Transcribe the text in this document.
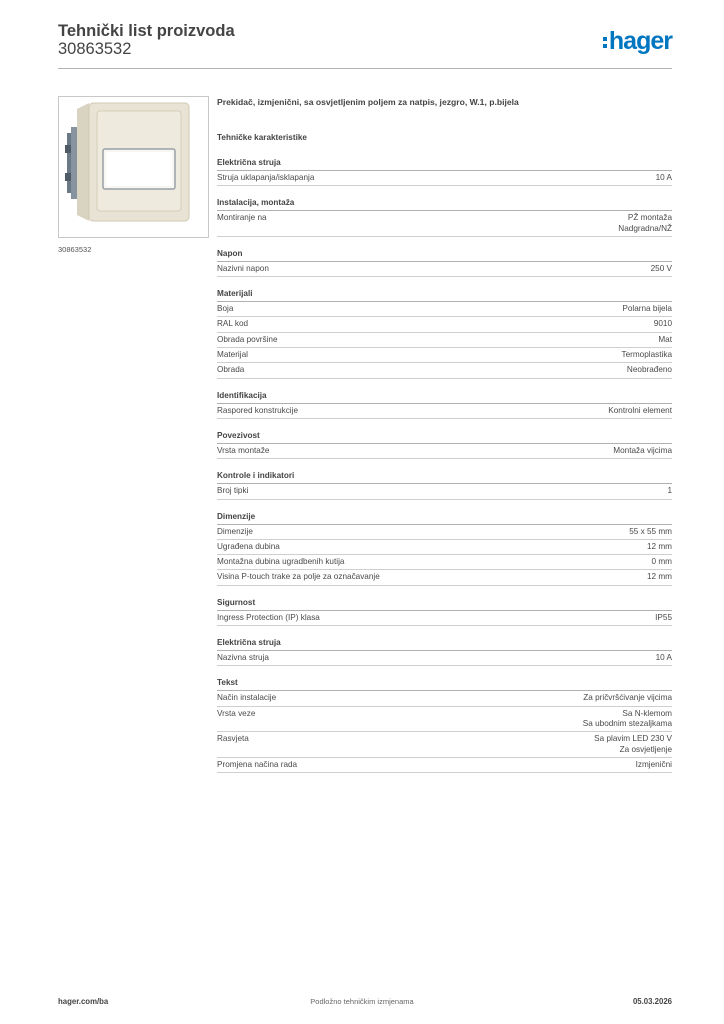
Tehnički list proizvoda
30863532	hager
30863532
Prekidač, izmjenični, sa osvjetljenim poljem za natpis, jezgro, W.1, p.bijela
Tehničke karakteristike
Električna struja
Struja uklapanja/isklapanja	10 A
Instalacija, montaža
Montiranje na	PŽ montaža
Nadgradna/NŽ
Napon
Nazivni napon	250 V
Materijali
Boja	Polarna bijela
RAL kod	9010
Obrada površine	Mat
Materijal	Termoplastika
Obrada	Neobrađeno
Identifikacija
Raspored konstrukcije	Kontrolni element
Povezivost
Vrsta montaže	Montaža vijcima
Kontrole i indikatori
Broj tipki	1
Dimenzije
Dimenzije	55 x 55 mm
Ugrađena dubina	12 mm
Montažna dubina ugradbenih kutija	0 mm
Visina P-touch trake za polje za označavanje	12 mm
Sigurnost
Ingress Protection (IP) klasa	IP55
Električna struja
Nazivna struja	10 A
Tekst
Način instalacije	Za pričvršćivanje vijcima
Vrsta veze	Sa N-klemom
Sa ubodnim stezaljkama
Rasvjeta	Sa plavim LED 230 V
Za osvjetljenje
Promjena načina rada	Izmjenični
hager.com/ba	Podložno tehničkim izmjenama	05.03.2026
